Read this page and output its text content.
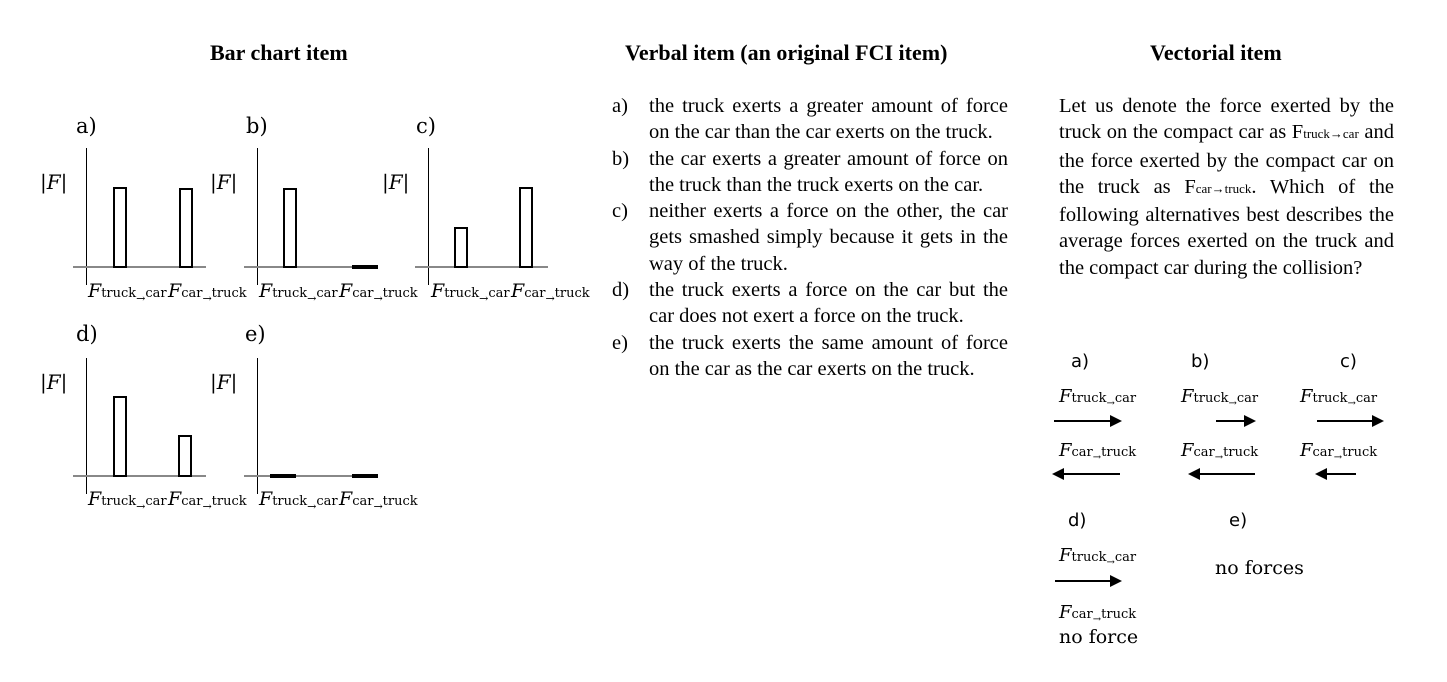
Bar chart item	Verbal item (an original FCI item)	Vectorial item
a)
|F|
Ftruck$_\to$car Fcar$_\to$truck
b)
|F|
Ftruck$_\to$car Fcar$_\to$truck
c)
|F|
Ftruck$_\to$car Fcar$_\to$truck
d)
|F|
Ftruck$_\to$car Fcar$_\to$truck
e)
|F|
Ftruck$_\to$car Fcar$_\to$truck
a)	the truck exerts a greater amount of force on the car than the car exerts on the truck.
b) the car exerts a greater amount of force on the truck than the truck exerts on the car.
c)	neither exerts a force on the other, the car gets smashed simply because it gets in the way of the truck.
d) the truck exerts a force on the car but the car does not exert a force on the truck.
e)	the truck exerts the same amount of force on the car as the car exerts on the truck.
Let us denote the force exerted by the truck on the compact car as Ftruck→car and the force exerted by the compact car on the truck as Fcar→truck. Which of the following alternatives best describes the average forces exerted on the truck and the compact car during the collision?
a)
Ftruck$_\to$car
Fcar$_\to$truck
b)
Ftruck$_\to$car
Fcar$_\to$truck
c)
Ftruck$_\to$car
Fcar$_\to$truck
d)
Ftruck$_\to$car
Fcar$_\to$truck
no force
e)
no forces
